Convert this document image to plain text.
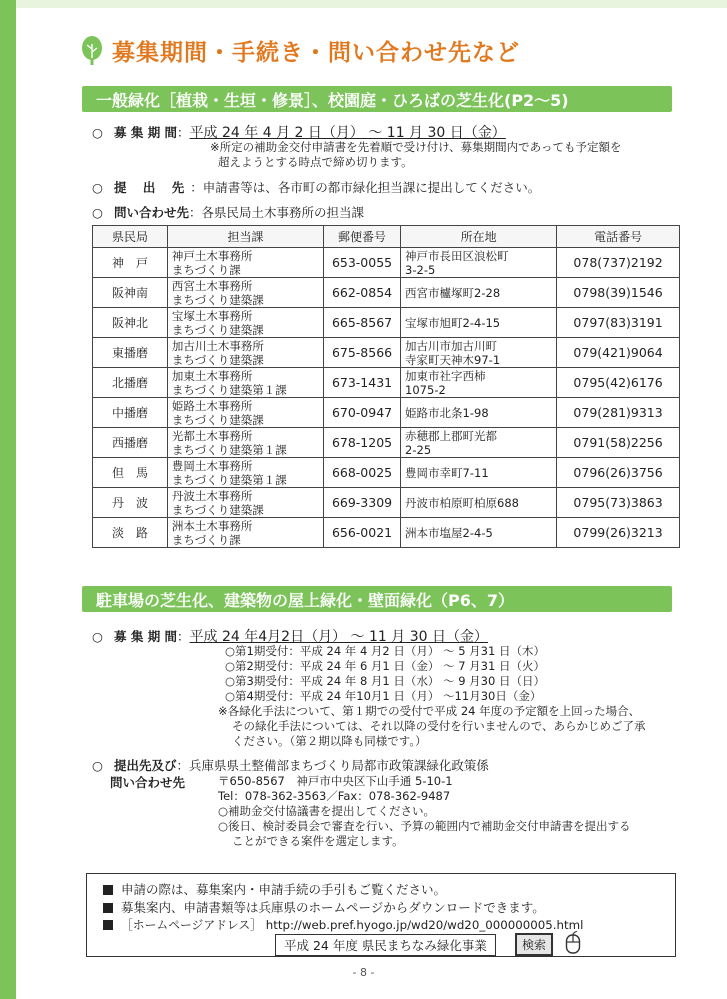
募集期間・手続き・問い合わせ先など
一般緑化［植栽・生垣・修景］、校園庭・ひろばの芝生化(P2～5)
○ 募 集 期 間：平成 24 年 4 月 2 日（月） ～ 11 月 30 日（金）
※所定の補助金交付申請書を先着順で受け付け、募集期間内であっても予定額を
超えようとする時点で締め切ります。
○ 提 出 先：申請書等は、各市町の都市緑化担当課に提出してください。
○ 問い合わせ先：各県民局土木事務所の担当課
県民局	担当課	郵便番号	所在地	電話番号

神　戸	神戸土木事務所
まちづくり課	653-0055	神戸市長田区浪松町
3-2-5	078(737)2192

阪神南	西宮土木事務所
まちづくり建築課	662-0854	西宮市櫨塚町2-28	0798(39)1546

阪神北	宝塚土木事務所
まちづくり建築課	665-8567	宝塚市旭町2-4-15	0797(83)3191

東播磨	加古川土木事務所
まちづくり建築課	675-8566	加古川市加古川町
寺家町天神木97-1	079(421)9064

北播磨	加東土木事務所
まちづくり建築第１課	673-1431	加東市社字西柿
1075-2	0795(42)6176

中播磨	姫路土木事務所
まちづくり建築課	670-0947	姫路市北条1-98	079(281)9313

西播磨	光都土木事務所
まちづくり建築第１課	678-1205	赤穂郡上郡町光都
2-25	0791(58)2256

但　馬	豊岡土木事務所
まちづくり建築第１課	668-0025	豊岡市幸町7-11	0796(26)3756

丹　波	丹波土木事務所
まちづくり建築課	669-3309	丹波市柏原町柏原688	0795(73)3863

淡　路	洲本土木事務所
まちづくり課	656-0021	洲本市塩屋2-4-5	0799(26)3213
駐車場の芝生化、建築物の屋上緑化・壁面緑化（P6、7）
○ 募 集 期 間：平成 24 年4月2日（月） ～ 11 月 30 日（金）
○第1期受付：平成 24 年 4 月2 日（月） ～ 5 月31 日（木）
○第2期受付：平成 24 年 6 月1 日（金） ～ 7 月31 日（火）
○第3期受付：平成 24 年 8 月1 日（水） ～ 9 月30 日（日）
○第4期受付：平成 24 年10月1 日（月） ～11月30日（金）
※各緑化手法について、第１期での受付で平成 24 年度の予定額を上回った場合、
その緑化手法については、それ以降の受付を行いませんので、あらかじめご了承
ください。（第２期以降も同様です。）
○ 提出先及び：兵庫県県土整備部まちづくり局都市政策課緑化政策係
問い合わせ先	〒650-8567　神戸市中央区下山手通 5-10-1
Tel：078-362-3563／Fax：078-362-9487
○補助金交付協議書を提出してください。
○後日、検討委員会で審査を行い、予算の範囲内で補助金交付申請書を提出する
ことができる案件を選定します。
申請の際は、募集案内・申請手続の手引もご覧ください。
募集案内、申請書類等は兵庫県のホームページからダウンロードできます。
［ホームページアドレス］ http://web.pref.hyogo.jp/wd20/wd20_000000005.html
平成 24 年度 県民まちなみ緑化事業	検索
- 8 -
